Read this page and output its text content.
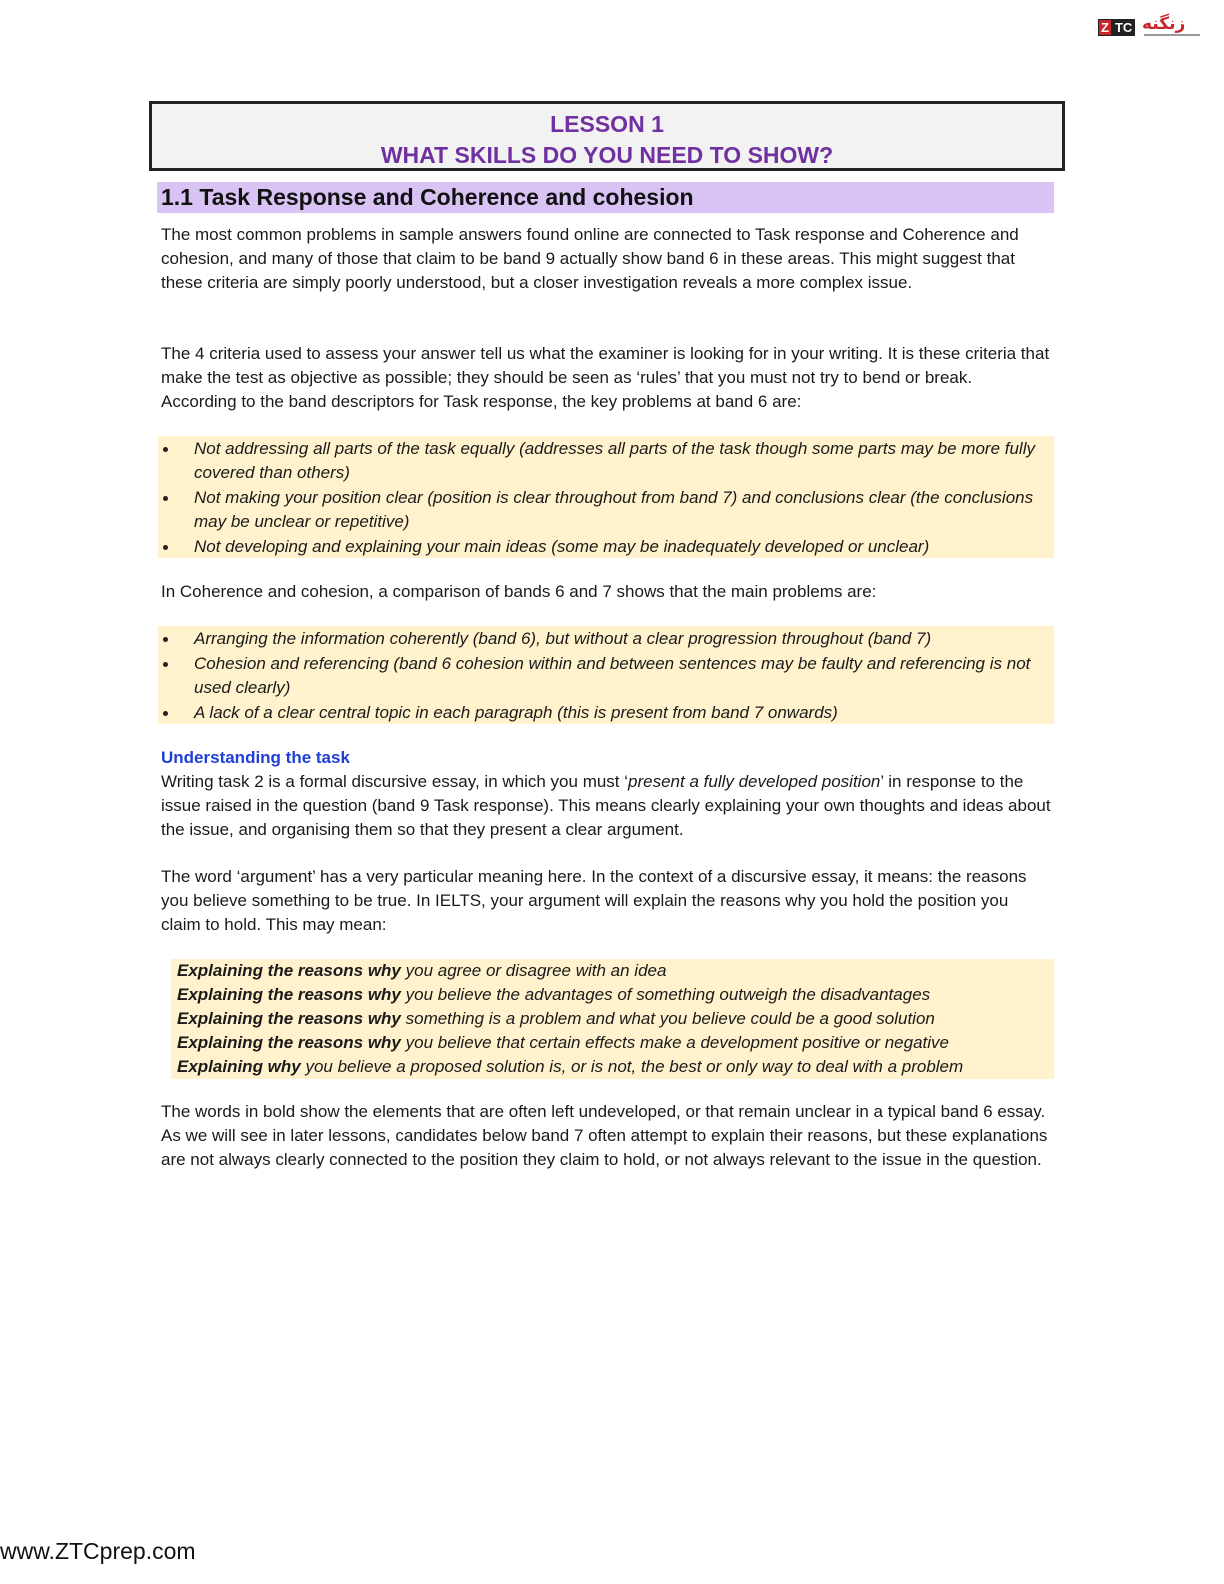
Z TC زنگنه
LESSON 1
WHAT SKILLS DO YOU NEED TO SHOW?
1.1 Task Response and Coherence and cohesion

The most common problems in sample answers found online are connected to Task response and Coherence and cohesion, and many of those that claim to be band 9 actually show band 6 in these areas. This might suggest that these criteria are simply poorly understood, but a closer investigation reveals a more complex issue.

The 4 criteria used to assess your answer tell us what the examiner is looking for in your writing. It is these criteria that make the test as objective as possible; they should be seen as ‘rules’ that you must not try to bend or break. According to the band descriptors for Task response, the key problems at band 6 are:

Not addressing all parts of the task equally (addresses all parts of the task though some parts may be more fully covered than others)
Not making your position clear (position is clear throughout from band 7) and conclusions clear (the conclusions may be unclear or repetitive)
Not developing and explaining your main ideas (some may be inadequately developed or unclear)

In Coherence and cohesion, a comparison of bands 6 and 7 shows that the main problems are:

Arranging the information coherently (band 6), but without a clear progression throughout (band 7)
Cohesion and referencing (band 6 cohesion within and between sentences may be faulty and referencing is not used clearly)
A lack of a clear central topic in each paragraph (this is present from band 7 onwards)
Understanding the task

Writing task 2 is a formal discursive essay, in which you must ‘present a fully developed position’ in response to the issue raised in the question (band 9 Task response). This means clearly explaining your own thoughts and ideas about the issue, and organising them so that they present a clear argument.

The word ‘argument’ has a very particular meaning here. In the context of a discursive essay, it means: the reasons you believe something to be true. In IELTS, your argument will explain the reasons why you hold the position you claim to hold. This may mean:

Explaining the reasons why you agree or disagree with an idea
Explaining the reasons why you believe the advantages of something outweigh the disadvantages
Explaining the reasons why something is a problem and what you believe could be a good solution
Explaining the reasons why you believe that certain effects make a development positive or negative
Explaining why you believe a proposed solution is, or is not, the best or only way to deal with a problem

The words in bold show the elements that are often left undeveloped, or that remain unclear in a typical band 6 essay. As we will see in later lessons, candidates below band 7 often attempt to explain their reasons, but these explanations are not always clearly connected to the position they claim to hold, or not always relevant to the issue in the question.

www.ZTCprep.com
